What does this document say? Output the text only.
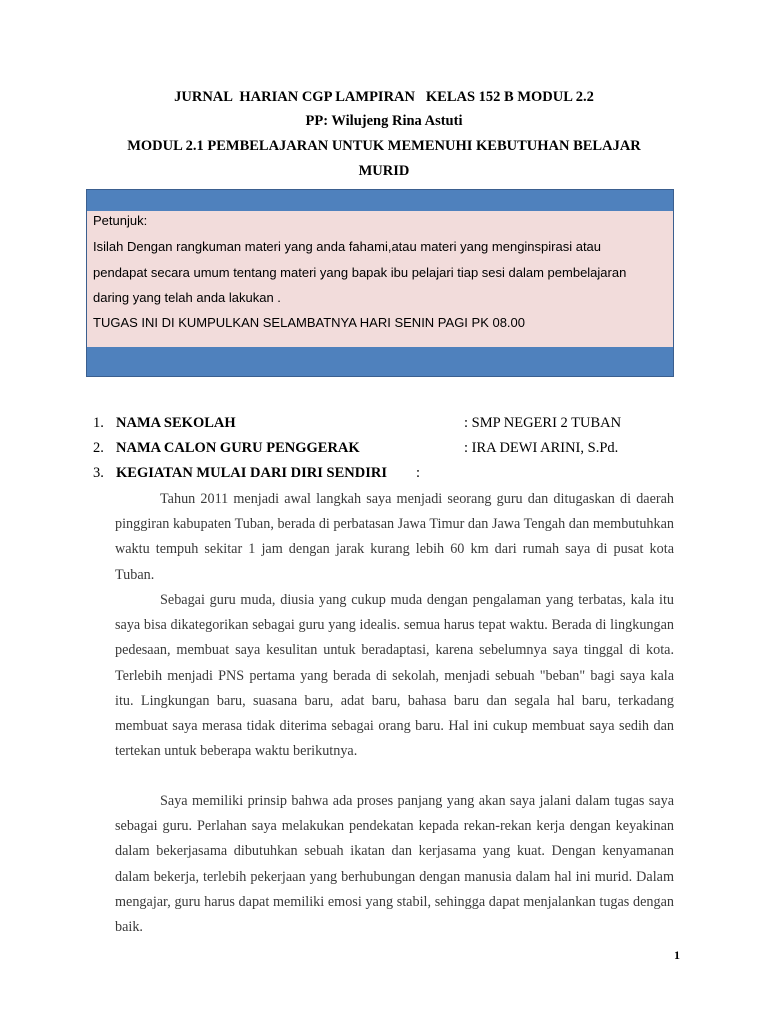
JURNAL  HARIAN CGP LAMPIRAN   KELAS 152 B MODUL 2.2
PP: Wilujeng Rina Astuti
MODUL 2.1 PEMBELAJARAN UNTUK MEMENUHI KEBUTUHAN BELAJAR
MURID
Petunjuk:
Isilah Dengan rangkuman materi yang anda fahami,atau materi yang menginspirasi atau
pendapat secara umum tentang materi yang bapak ibu pelajari tiap sesi dalam pembelajaran
daring yang telah anda lakukan .
TUGAS INI DI KUMPULKAN SELAMBATNYA HARI SENIN PAGI PK 08.00
1. NAMA SEKOLAH	: SMP NEGERI 2 TUBAN
2. NAMA CALON GURU PENGGERAK	: IRA DEWI ARINI, S.Pd.
3. KEGIATAN MULAI DARI DIRI SENDIRI :

Tahun 2011 menjadi awal langkah saya menjadi seorang guru dan ditugaskan di daerah pinggiran kabupaten Tuban, berada di perbatasan Jawa Timur dan Jawa Tengah dan membutuhkan waktu tempuh sekitar 1 jam dengan jarak kurang lebih 60 km dari rumah saya di pusat kota Tuban.

Sebagai guru muda, diusia yang cukup muda dengan pengalaman yang terbatas, kala itu saya bisa dikategorikan sebagai guru yang idealis. semua harus tepat waktu. Berada di lingkungan pedesaan, membuat saya kesulitan untuk beradaptasi, karena sebelumnya saya tinggal di kota. Terlebih menjadi PNS pertama yang berada di sekolah, menjadi sebuah "beban" bagi saya kala itu. Lingkungan baru, suasana baru, adat baru, bahasa baru dan segala hal baru, terkadang membuat saya merasa tidak diterima sebagai orang baru. Hal ini cukup membuat saya sedih dan tertekan untuk beberapa waktu berikutnya.

Saya memiliki prinsip bahwa ada proses panjang yang akan saya jalani dalam tugas saya sebagai guru. Perlahan saya melakukan pendekatan kepada rekan-rekan kerja dengan keyakinan dalam bekerjasama dibutuhkan sebuah ikatan dan kerjasama yang kuat. Dengan kenyamanan dalam bekerja, terlebih pekerjaan yang berhubungan dengan manusia dalam hal ini murid. Dalam mengajar, guru harus dapat memiliki emosi yang stabil, sehingga dapat menjalankan tugas dengan baik.

1
